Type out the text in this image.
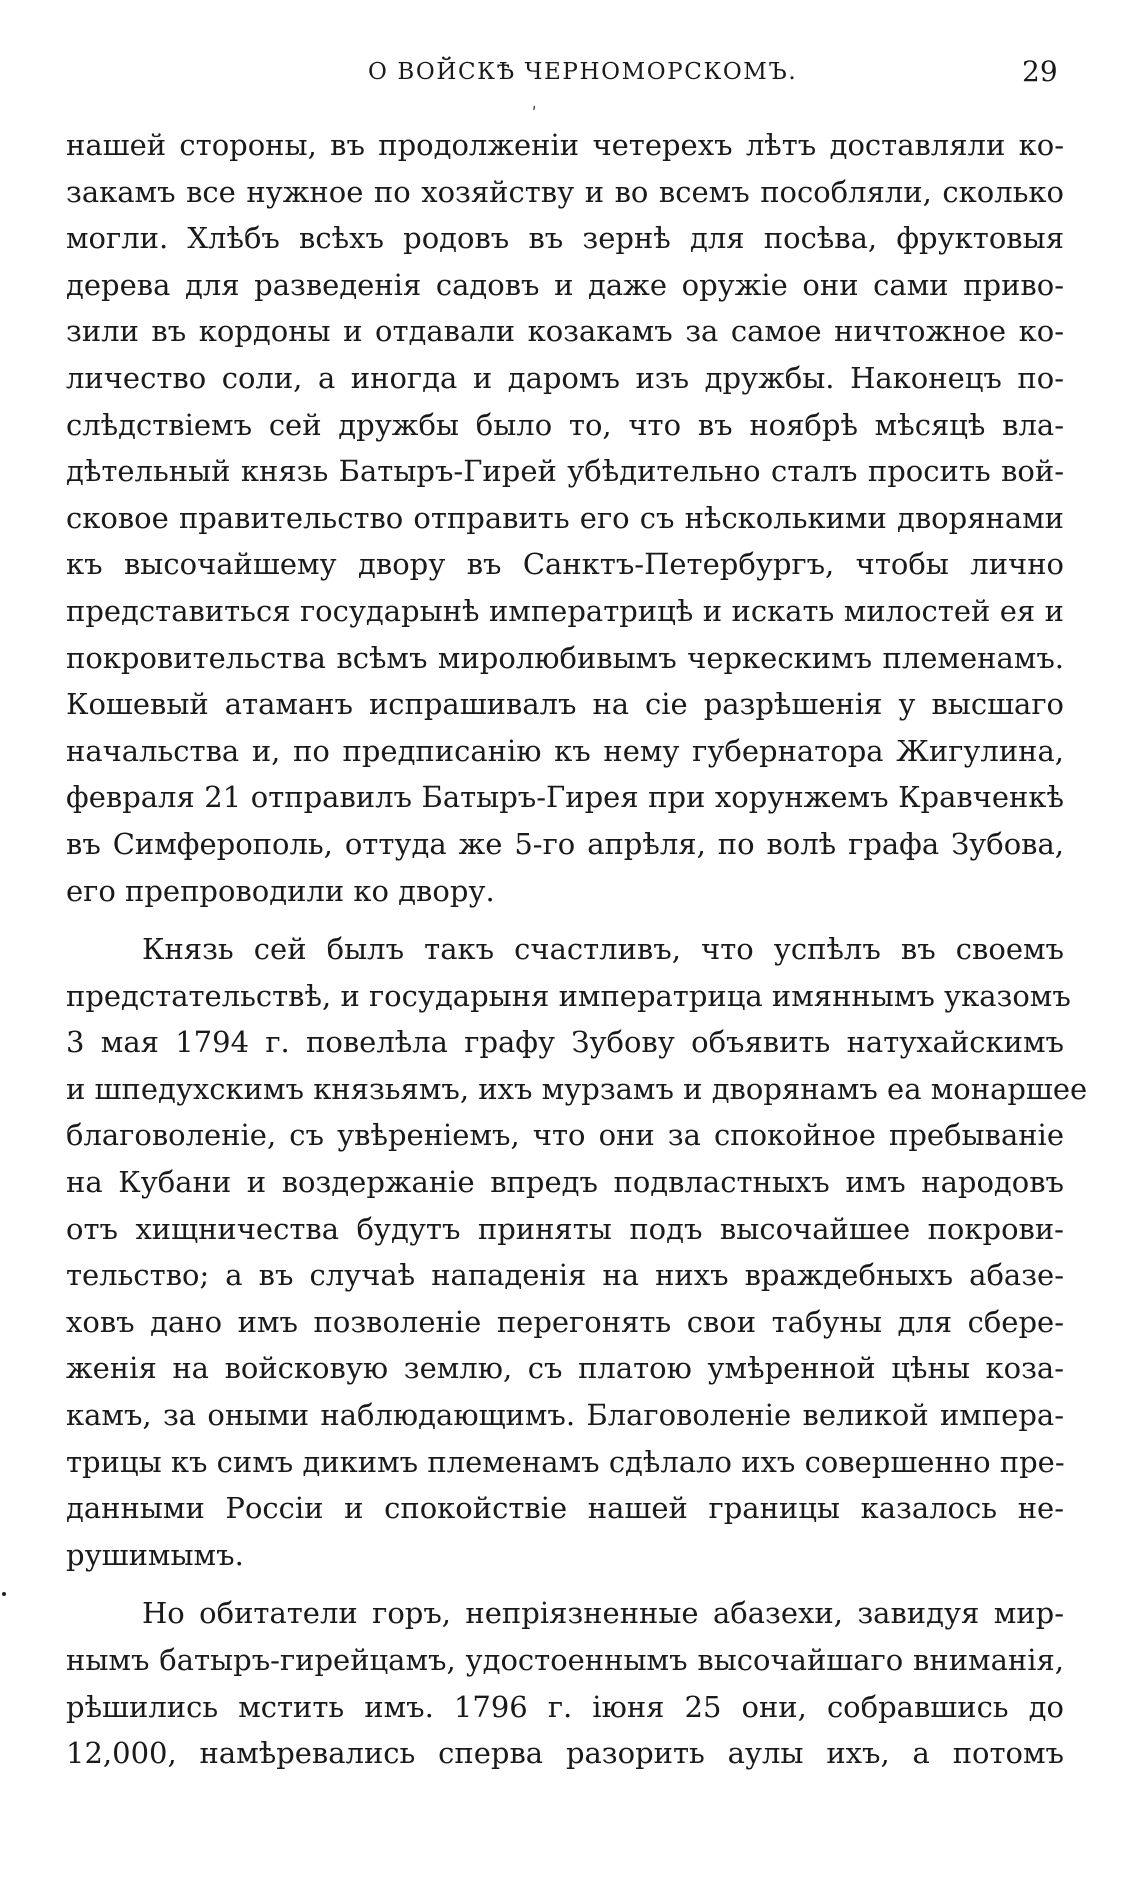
О ВОЙСКѢ ЧЕРНОМОРСКОМЪ.	29
ʹ
нашей стороны, въ продолженіи четерехъ лѣтъ доставляли ко-
закамъ все нужное по хозяйству и во всемъ пособляли, сколько
могли. Хлѣбъ всѣхъ родовъ въ зернѣ для посѣва, фруктовыя
дерева для разведенія садовъ и даже оружіе они сами приво-
зили въ кордоны и отдавали козакамъ за самое ничтожное ко-
личество соли, а иногда и даромъ изъ дружбы. Наконецъ по-
слѣдствіемъ сей дружбы было то, что въ ноябрѣ мѣсяцѣ вла-
дѣтельный князь Батыръ-Гирей убѣдительно сталъ просить вой-
сковое правительство отправить его съ нѣсколькими дворянами
къ высочайшему двору въ Санктъ-Петербургъ, чтобы лично
представиться государынѣ императрицѣ и искать милостей ея и
покровительства всѣмъ миролюбивымъ черкескимъ племенамъ.
Кошевый атаманъ испрашивалъ на сіе разрѣшенія у высшаго
начальства и, по предписанію къ нему губернатора Жигулина,
февраля 21 отправилъ Батыръ-Гирея при хорунжемъ Кравченкѣ
въ Симферополь, оттуда же 5-го апрѣля, по волѣ графа Зубова,
его препроводили ко двору.
Князь сей былъ такъ счастливъ, что успѣлъ въ своемъ
предстательствѣ, и государыня императрица имяннымъ указомъ
3 мая 1794 г. повелѣла графу Зубову объявить натухайскимъ
и шпедухскимъ князьямъ, ихъ мурзамъ и дворянамъ еа монаршее
благоволеніе, съ увѣреніемъ, что они за спокойное пребываніе
на Кубани и воздержаніе впредъ подвластныхъ имъ народовъ
отъ хищничества будутъ приняты подъ высочайшее покрови-
тельство; а въ случаѣ нападенія на нихъ враждебныхъ абазе-
ховъ дано имъ позволеніе перегонять свои табуны для сбере-
женія на войсковую землю, съ платою умѣренной цѣны коза-
камъ, за оными наблюдающимъ. Благоволеніе великой импера-
трицы къ симъ дикимъ племенамъ сдѣлало ихъ совершенно пре-
данными Россіи и спокойствіе нашей границы казалось не-
рушимымъ.
Но обитатели горъ, непріязненные абазехи, завидуя мир-
нымъ батыръ-гирейцамъ, удостоеннымъ высочайшаго вниманія,
рѣшились мстить имъ. 1796 г. іюня 25 они, собравшись до
12,000, намѣревались сперва разорить аулы ихъ, а потомъ
